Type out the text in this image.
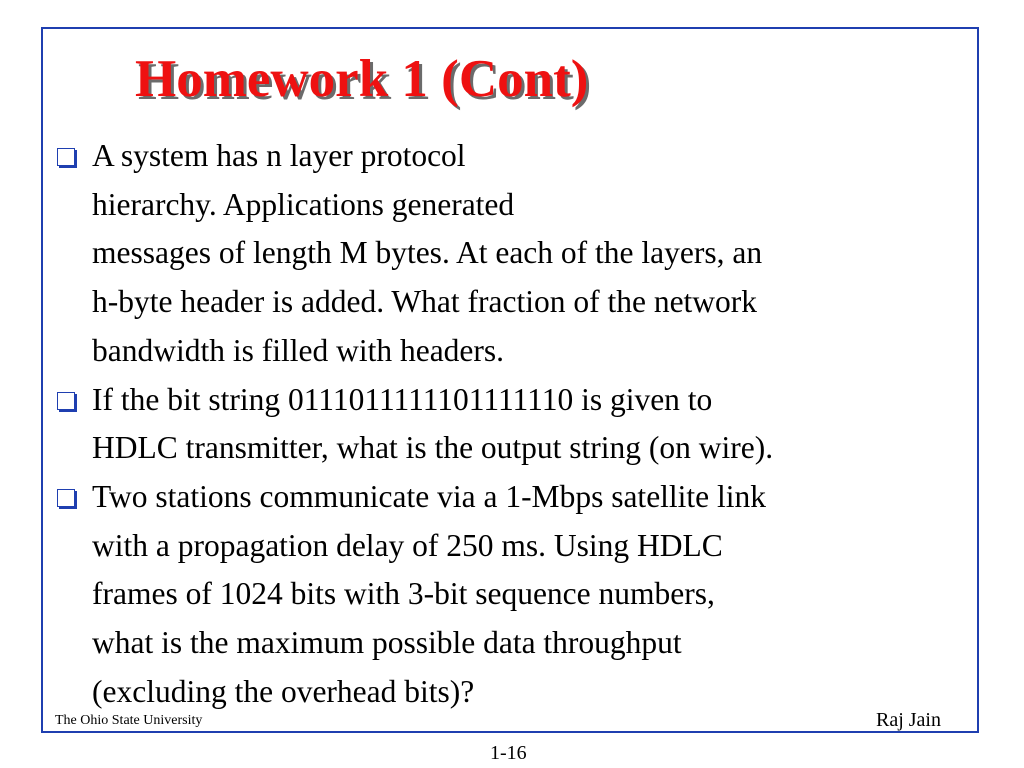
Homework 1 (Cont)
A system has n layer protocol
hierarchy. Applications generated
messages of length M bytes. At each of the layers, an
h-byte header is added. What fraction of the network
bandwidth is filled with headers.
If the bit string 0111011111101111110 is given to
HDLC transmitter, what is the output string (on wire).
Two stations communicate via a 1-Mbps satellite link
with a propagation delay of 250 ms. Using HDLC
frames of 1024 bits with 3-bit sequence numbers,
what is the maximum possible data throughput
(excluding the overhead bits)?
The Ohio State University	Raj Jain
1-16
